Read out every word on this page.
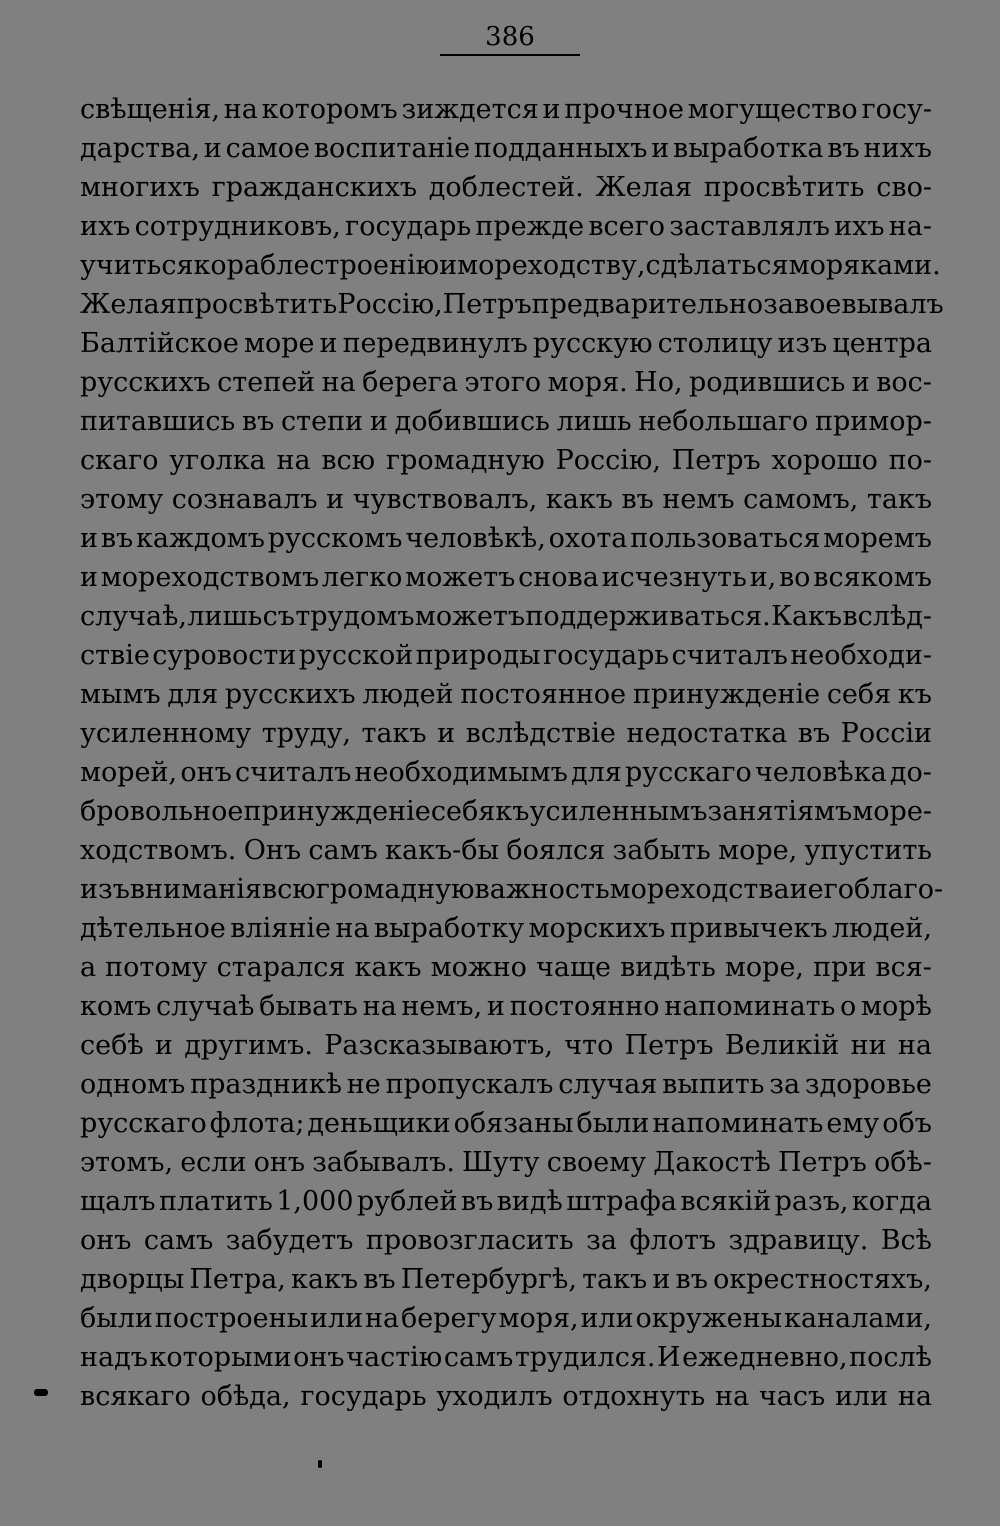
386
свѣщенія, на которомъ зиждется и прочное могущество госу-
дарства, и самое воспитаніе подданныхъ и выработка въ нихъ
многихъ гражданскихъ доблестей. Желая просвѣтить сво-
ихъ сотрудниковъ, государь прежде всего заставлялъ ихъ на-
учиться кораблестроенію и мореходству, сдѣлаться моряками.
Желая просвѣтить Россію, Петръ предварительно завоевывалъ
Балтійское море и передвинулъ русскую столицу изъ центра
русскихъ степей на берега этого моря. Но, родившись и вос-
питавшись въ степи и добившись лишь небольшаго примор-
скаго уголка на всю громадную Россію, Петръ хорошо по-
этому сознавалъ и чувствовалъ, какъ въ немъ самомъ, такъ
и въ каждомъ русскомъ человѣкѣ, охота пользоваться моремъ
и мореходствомъ легко можетъ снова исчезнуть и, во всякомъ
случаѣ, лишь съ трудомъ можетъ поддерживаться. Какъ вслѣд-
ствіе суровости русской природы государь считалъ необходи-
мымъ для русскихъ людей постоянное принужденіе себя къ
усиленному труду, такъ и вслѣдствіе недостатка въ Россіи
морей, онъ считалъ необходимымъ для русскаго человѣка до-
бровольное принужденіе себя къ усиленнымъ занятіямъ море-
ходствомъ. Онъ самъ какъ-бы боялся забыть море, упустить
изъ вниманія всю громадную важность мореходства и его благо-
дѣтельное вліяніе на выработку морскихъ привычекъ людей,
а потому старался какъ можно чаще видѣть море, при вся-
комъ случаѣ бывать на немъ, и постоянно напоминать о морѣ
себѣ и другимъ. Разсказываютъ, что Петръ Великій ни на
одномъ праздникѣ не пропускалъ случая выпить за здоровье
русскаго флота; деньщики обязаны были напоминать ему объ
этомъ, если онъ забывалъ. Шуту своему Дакостѣ Петръ обѣ-
щалъ платить 1,000 рублей въ видѣ штрафа всякій разъ, когда
онъ самъ забудетъ провозгласить за флотъ здравицу. Всѣ
дворцы Петра, какъ въ Петербургѣ, такъ и въ окрестностяхъ,
были построены или на берегу моря, или окружены каналами,
надъ которыми онъ частію самъ трудился. И ежедневно, послѣ
всякаго обѣда, государь уходилъ отдохнуть на часъ или на
